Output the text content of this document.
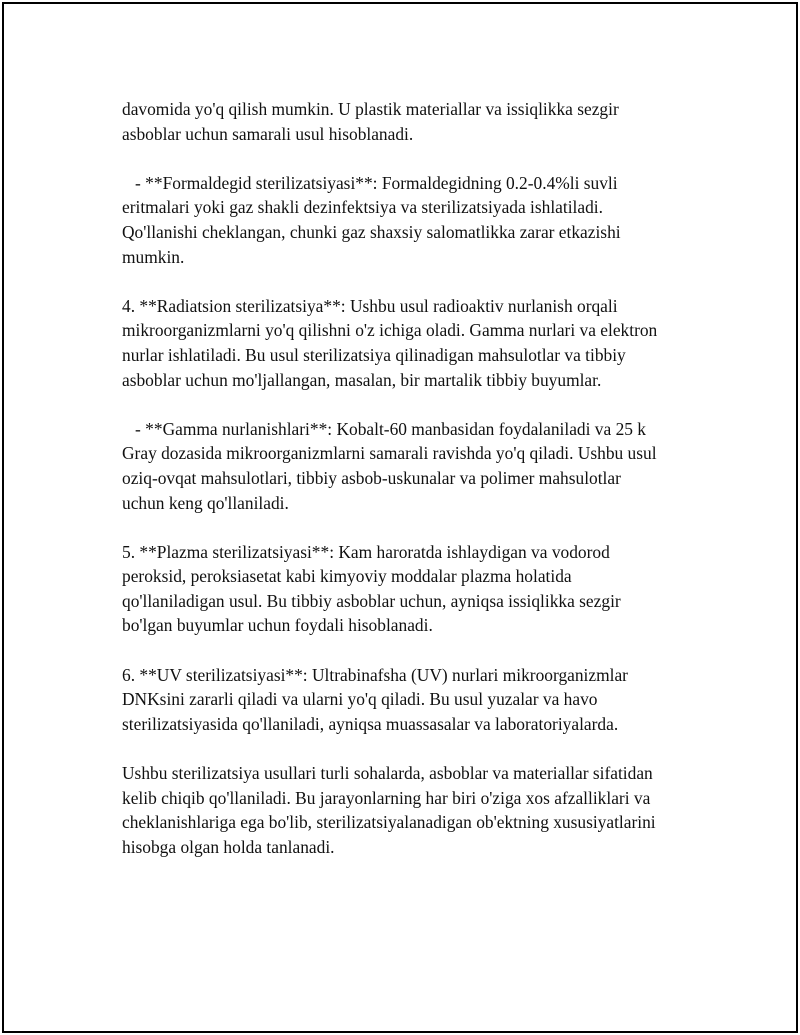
davomida yo'q qilish mumkin. U plastik materiallar va issiqlikka sezgir
asboblar uchun samarali usul hisoblanadi.

- **Formaldegid sterilizatsiyasi**: Formaldegidning 0.2-0.4%li suvli
eritmalari yoki gaz shakli dezinfektsiya va sterilizatsiyada ishlatiladi.
Qo'llanishi cheklangan, chunki gaz shaxsiy salomatlikka zarar etkazishi
mumkin.

4. **Radiatsion sterilizatsiya**: Ushbu usul radioaktiv nurlanish orqali
mikroorganizmlarni yo'q qilishni o'z ichiga oladi. Gamma nurlari va elektron
nurlar ishlatiladi. Bu usul sterilizatsiya qilinadigan mahsulotlar va tibbiy
asboblar uchun mo'ljallangan, masalan, bir martalik tibbiy buyumlar.

- **Gamma nurlanishlari**: Kobalt-60 manbasidan foydalaniladi va 25 k
Gray dozasida mikroorganizmlarni samarali ravishda yo'q qiladi. Ushbu usul
oziq-ovqat mahsulotlari, tibbiy asbob-uskunalar va polimer mahsulotlar
uchun keng qo'llaniladi.

5. **Plazma sterilizatsiyasi**: Kam haroratda ishlaydigan va vodorod
peroksid, peroksiasetat kabi kimyoviy moddalar plazma holatida
qo'llaniladigan usul. Bu tibbiy asboblar uchun, ayniqsa issiqlikka sezgir
bo'lgan buyumlar uchun foydali hisoblanadi.

6. **UV sterilizatsiyasi**: Ultrabinafsha (UV) nurlari mikroorganizmlar
DNKsini zararli qiladi va ularni yo'q qiladi. Bu usul yuzalar va havo
sterilizatsiyasida qo'llaniladi, ayniqsa muassasalar va laboratoriyalarda.

Ushbu sterilizatsiya usullari turli sohalarda, asboblar va materiallar sifatidan
kelib chiqib qo'llaniladi. Bu jarayonlarning har biri o'ziga xos afzalliklari va
cheklanishlariga ega bo'lib, sterilizatsiyalanadigan ob'ektning xususiyatlarini
hisobga olgan holda tanlanadi.
